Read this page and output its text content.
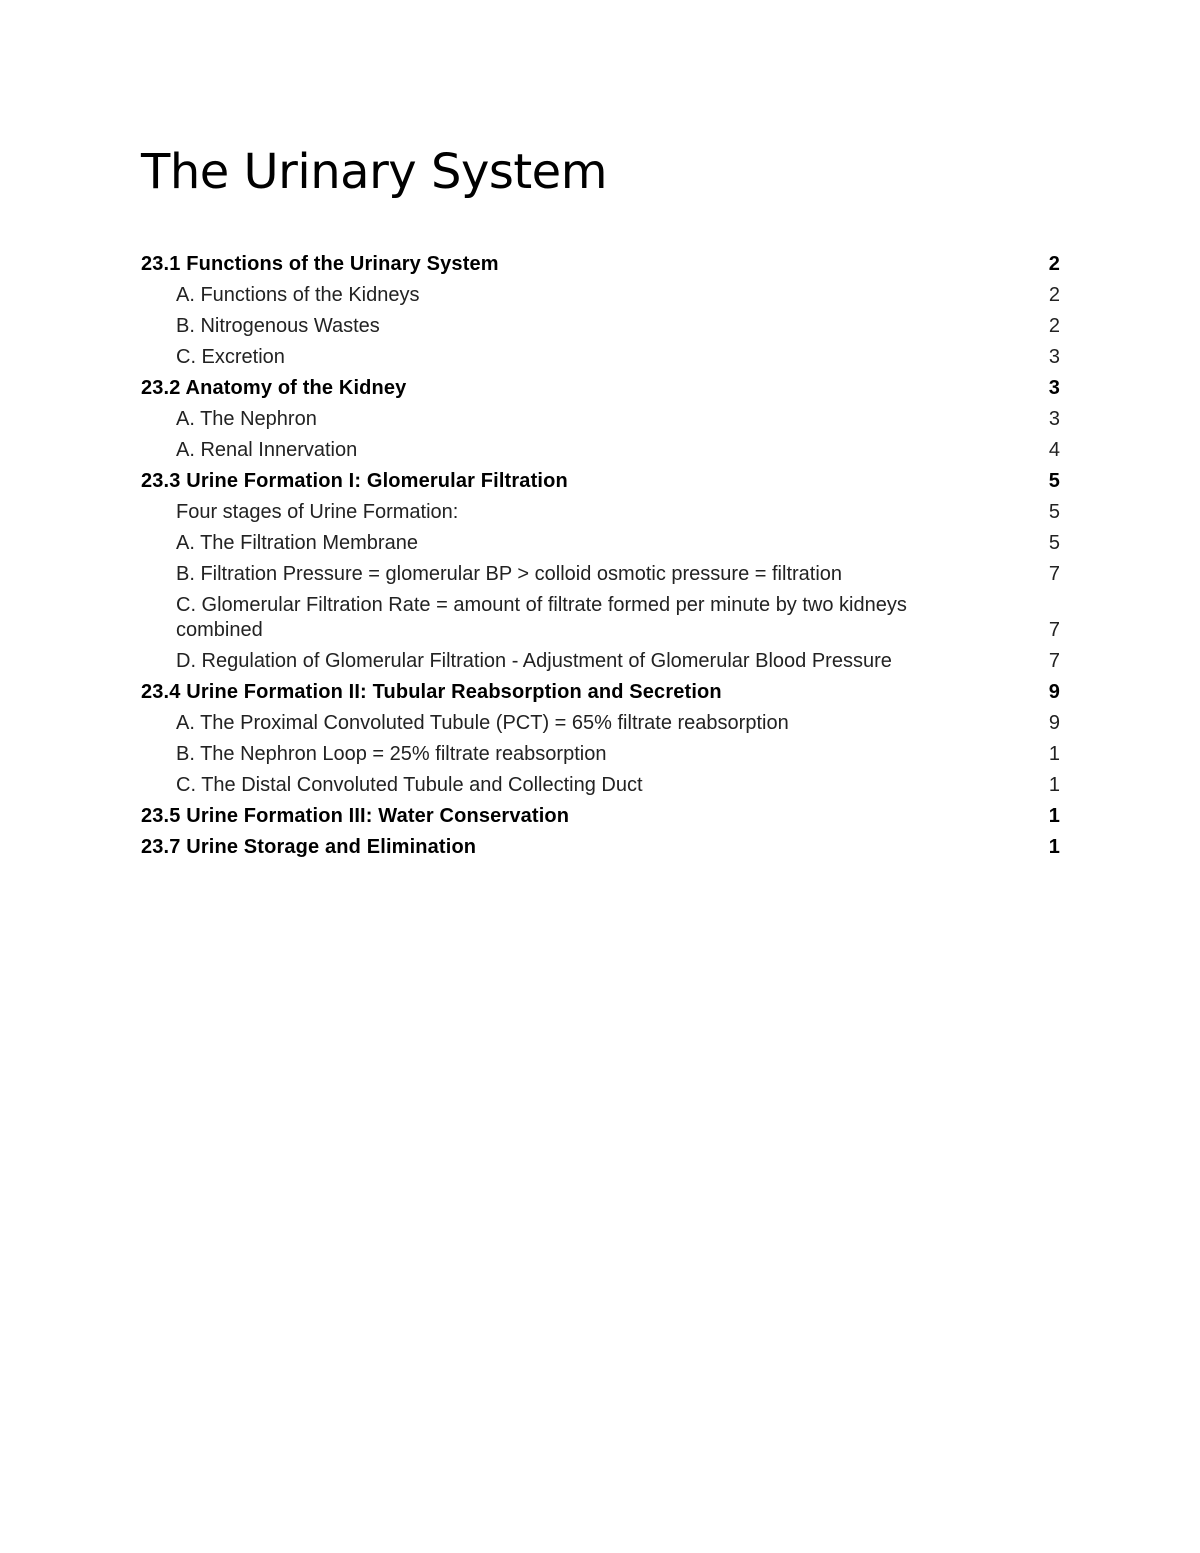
The Urinary System
23.1 Functions of the Urinary System	2
A. Functions of the Kidneys	2
B. Nitrogenous Wastes	2
C. Excretion	3
23.2 Anatomy of the Kidney	3
A. The Nephron	3
A. Renal Innervation	4
23.3 Urine Formation I: Glomerular Filtration	5
Four stages of Urine Formation:	5
A. The Filtration Membrane	5
B. Filtration Pressure = glomerular BP > colloid osmotic pressure = filtration	7
C. Glomerular Filtration Rate = amount of filtrate formed per minute by two kidneys combined	7
D. Regulation of Glomerular Filtration - Adjustment of Glomerular Blood Pressure	7
23.4 Urine Formation II: Tubular Reabsorption and Secretion	9
A. The Proximal Convoluted Tubule (PCT) = 65% filtrate reabsorption	9
B. The Nephron Loop = 25% filtrate reabsorption	1
C. The Distal Convoluted Tubule and Collecting Duct	1
23.5 Urine Formation III: Water Conservation	1
23.7 Urine Storage and Elimination	1
